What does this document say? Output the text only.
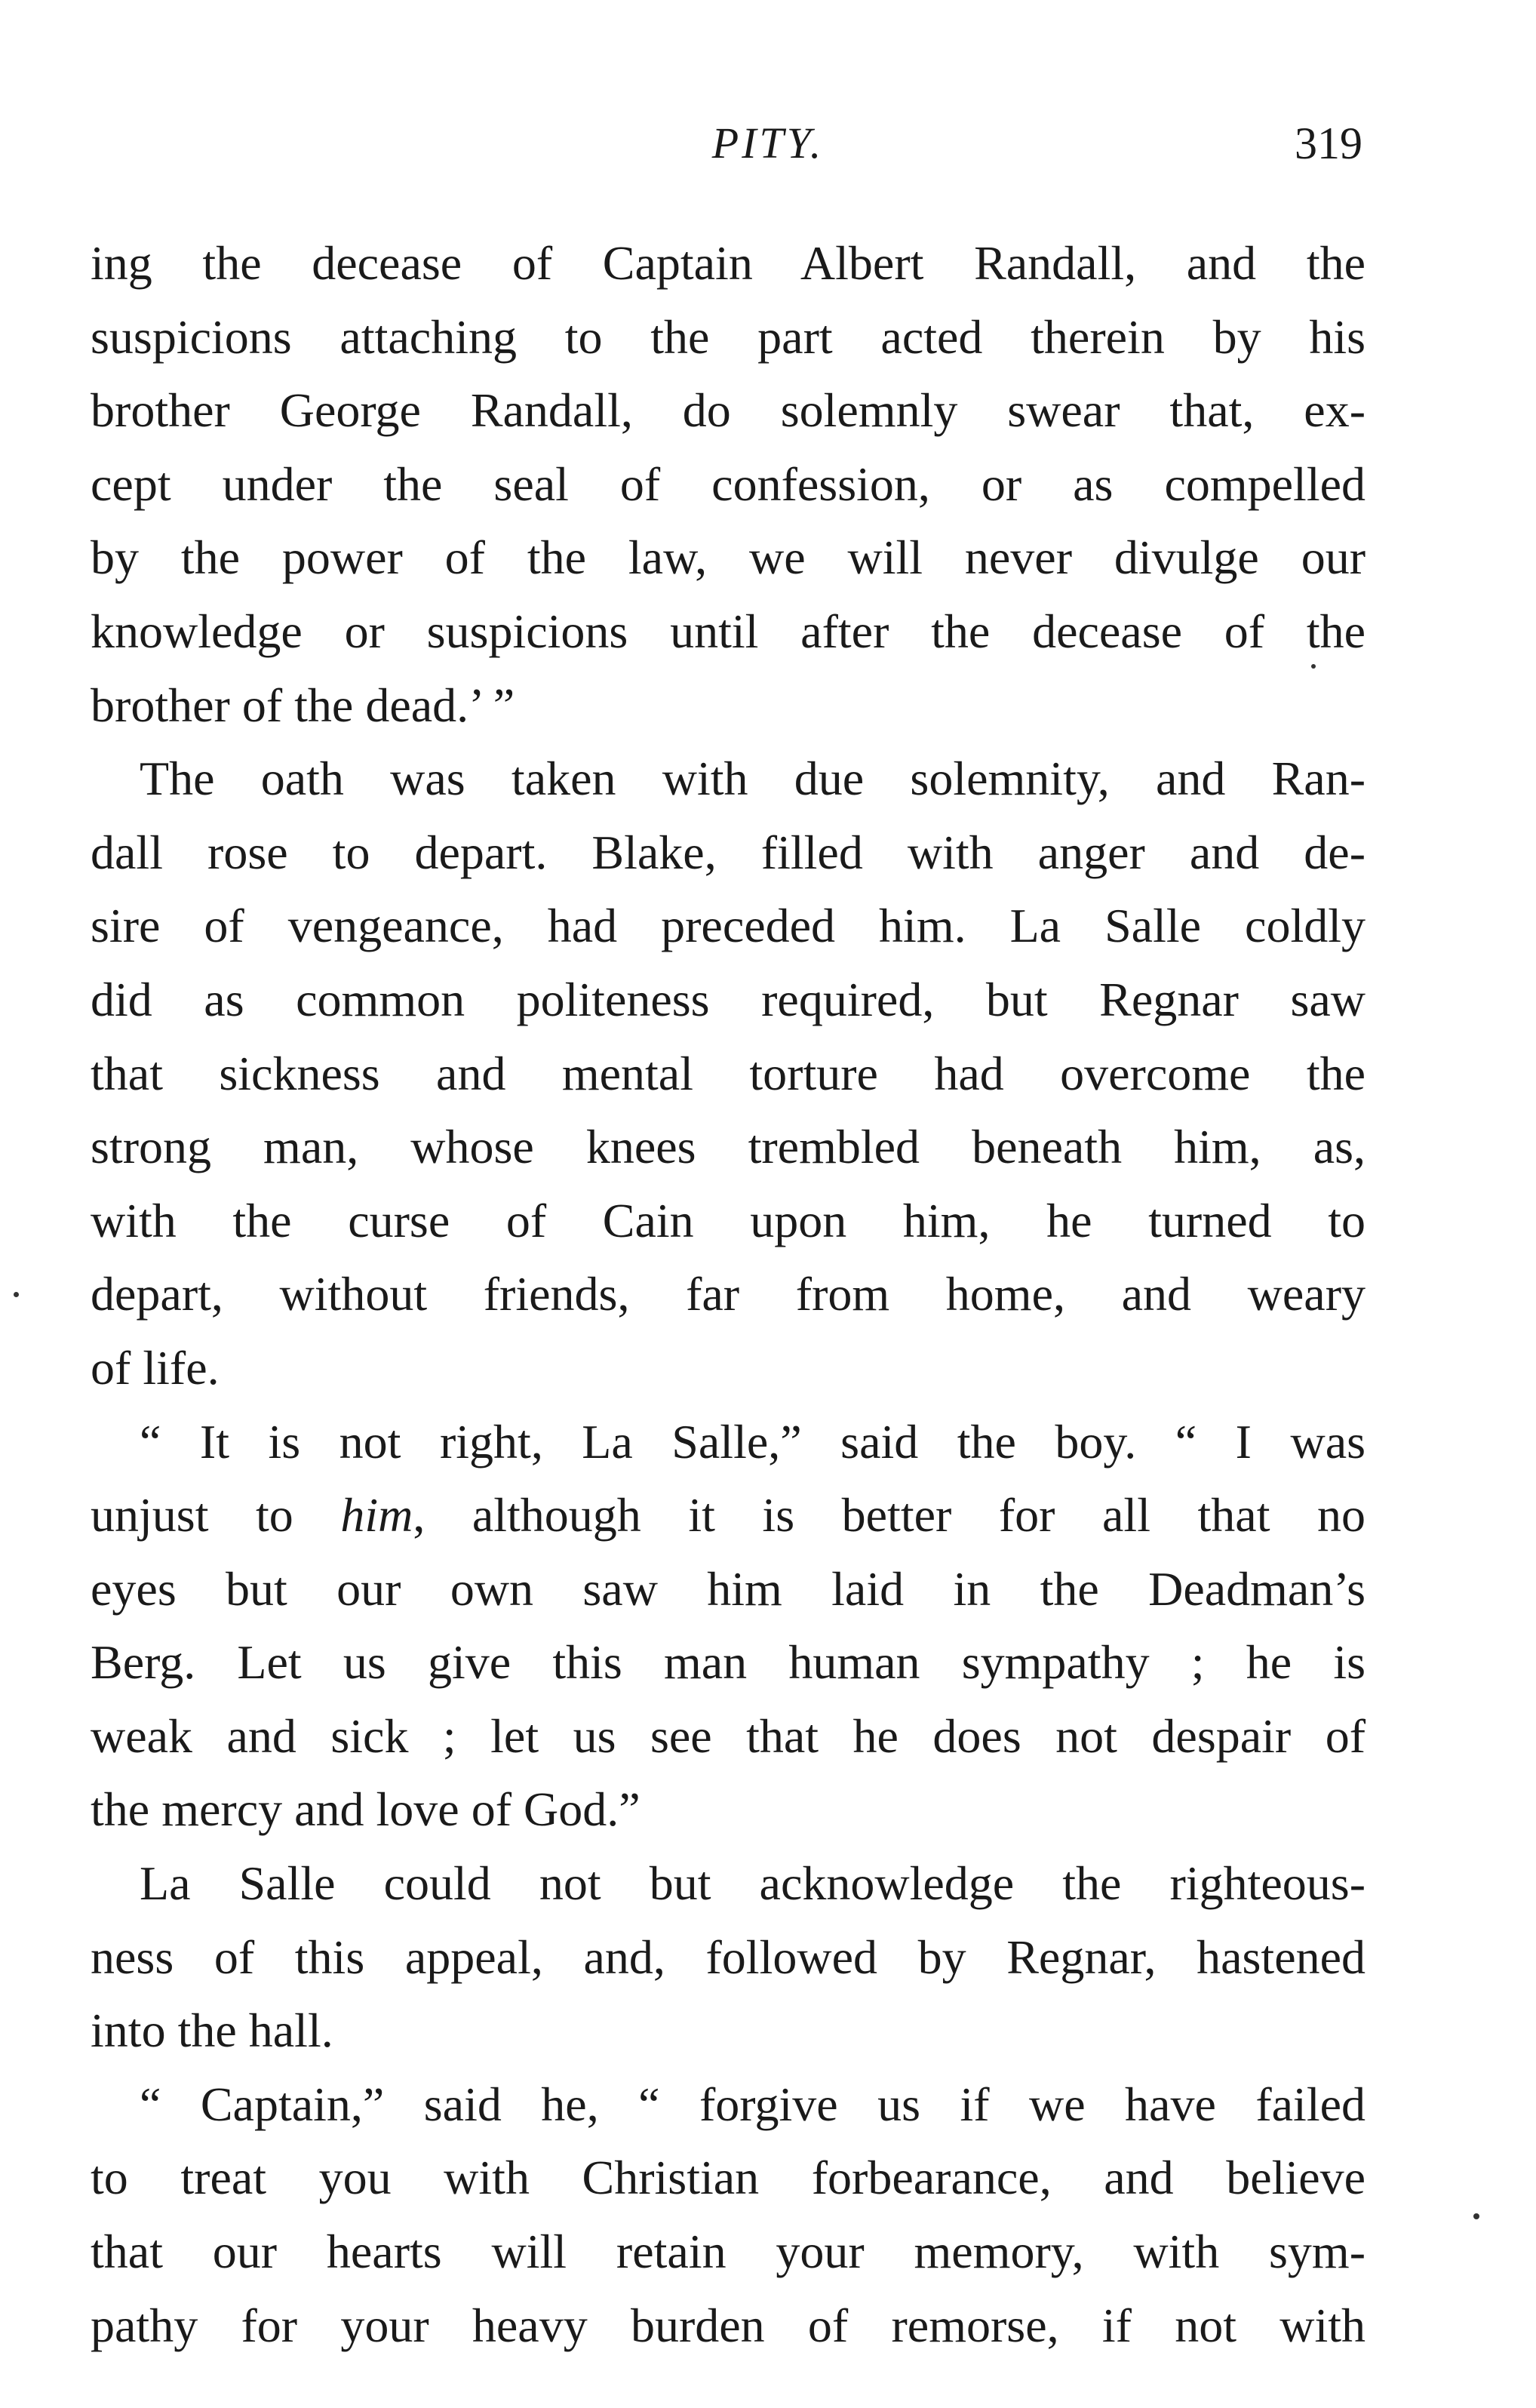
PITY.	319
ing the decease of Captain Albert Randall, and the
suspicions attaching to the part acted therein by his
brother George Randall, do solemnly swear that, ex-
cept under the seal of confession, or as compelled
by the power of the law, we will never divulge our
knowledge or suspicions until after the decease of the
brother of the dead.’ ”
The oath was taken with due solemnity, and Ran-
dall rose to depart. Blake, filled with anger and de-
sire of vengeance, had preceded him. La Salle coldly
did as common politeness required, but Regnar saw
that sickness and mental torture had overcome the
strong man, whose knees trembled beneath him, as,
with the curse of Cain upon him, he turned to
depart, without friends, far from home, and weary
of life.
“ It is not right, La Salle,” said the boy. “ I was
unjust to him, although it is better for all that no
eyes but our own saw him laid in the Deadman’s
Berg. Let us give this man human sympathy ; he is
weak and sick ; let us see that he does not despair of
the mercy and love of God.”
La Salle could not but acknowledge the righteous-
ness of this appeal, and, followed by Regnar, hastened
into the hall.
“ Captain,” said he, “ forgive us if we have failed
to treat you with Christian forbearance, and believe
that our hearts will retain your memory, with sym-
pathy for your heavy burden of remorse, if not with
